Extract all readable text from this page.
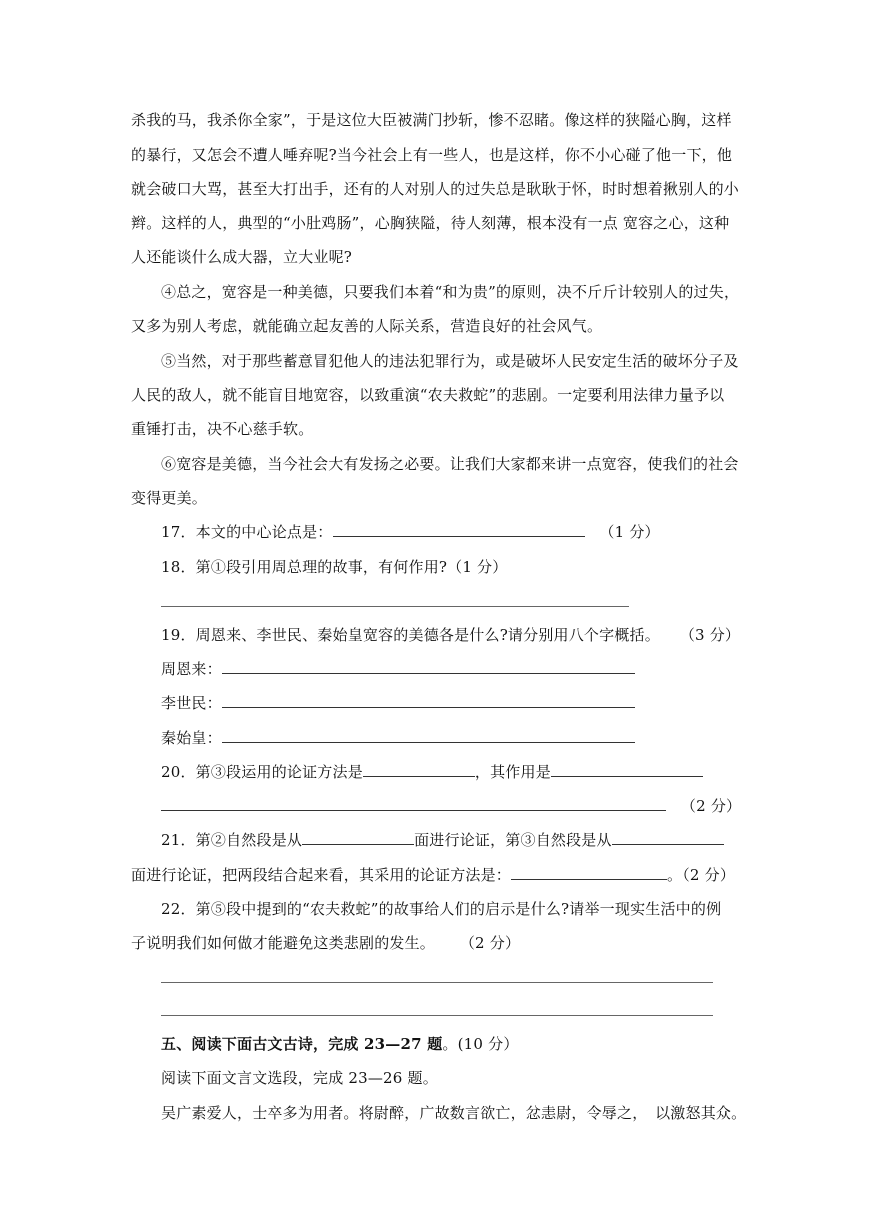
杀我的马，我杀你全家”，于是这位大臣被满门抄斩，惨不忍睹。像这样的狭隘心胸，这样
的暴行，又怎会不遭人唾弃呢?当今社会上有一些人，也是这样，你不小心碰了他一下，他
就会破口大骂，甚至大打出手，还有的人对别人的过失总是耿耿于怀，时时想着揪别人的小
辫。这样的人，典型的“小肚鸡肠”，心胸狭隘，待人刻薄，根本没有一点 宽容之心，这种
人还能谈什么成大器，立大业呢?
④总之，宽容是一种美德，只要我们本着“和为贵”的原则，决不斤斤计较别人的过失，
又多为别人考虑，就能确立起友善的人际关系，营造良好的社会风气。
⑤当然，对于那些蓄意冒犯他人的违法犯罪行为，或是破坏人民安定生活的破坏分子及
人民的敌人，就不能盲目地宽容，以致重演“农夫救蛇”的悲剧。一定要利用法律力量予以
重锤打击，决不心慈手软。
⑥宽容是美德，当今社会大有发扬之必要。让我们大家都来讲一点宽容，使我们的社会
变得更美。
17．本文的中心论点是：	（1 分）
18．第①段引用周总理的故事，有何作用?（1 分）
19．周恩来、李世民、秦始皇宽容的美德各是什么?请分别用八个字概括。 （3 分）
周恩来：
李世民：
秦始皇：
20．第③段运用的论证方法是	，其作用是
（2 分）
21．第②自然段是从	面进行论证，第③自然段是从
面进行论证，把两段结合起来看，其采用的论证方法是：	。（2 分）
22．第⑤段中提到的“农夫救蛇”的故事给人们的启示是什么?请举一现实生活中的例
子说明我们如何做才能避免这类悲剧的发生。 （2 分）
五、阅读下面古文古诗，完成 23—27 题。(10 分）
阅读下面文言文选段，完成 23—26 题。
吴广素爱人，士卒多为用者。将尉醉，广故数言欲亡，忿恚尉，令辱之，　以激怒其众。
